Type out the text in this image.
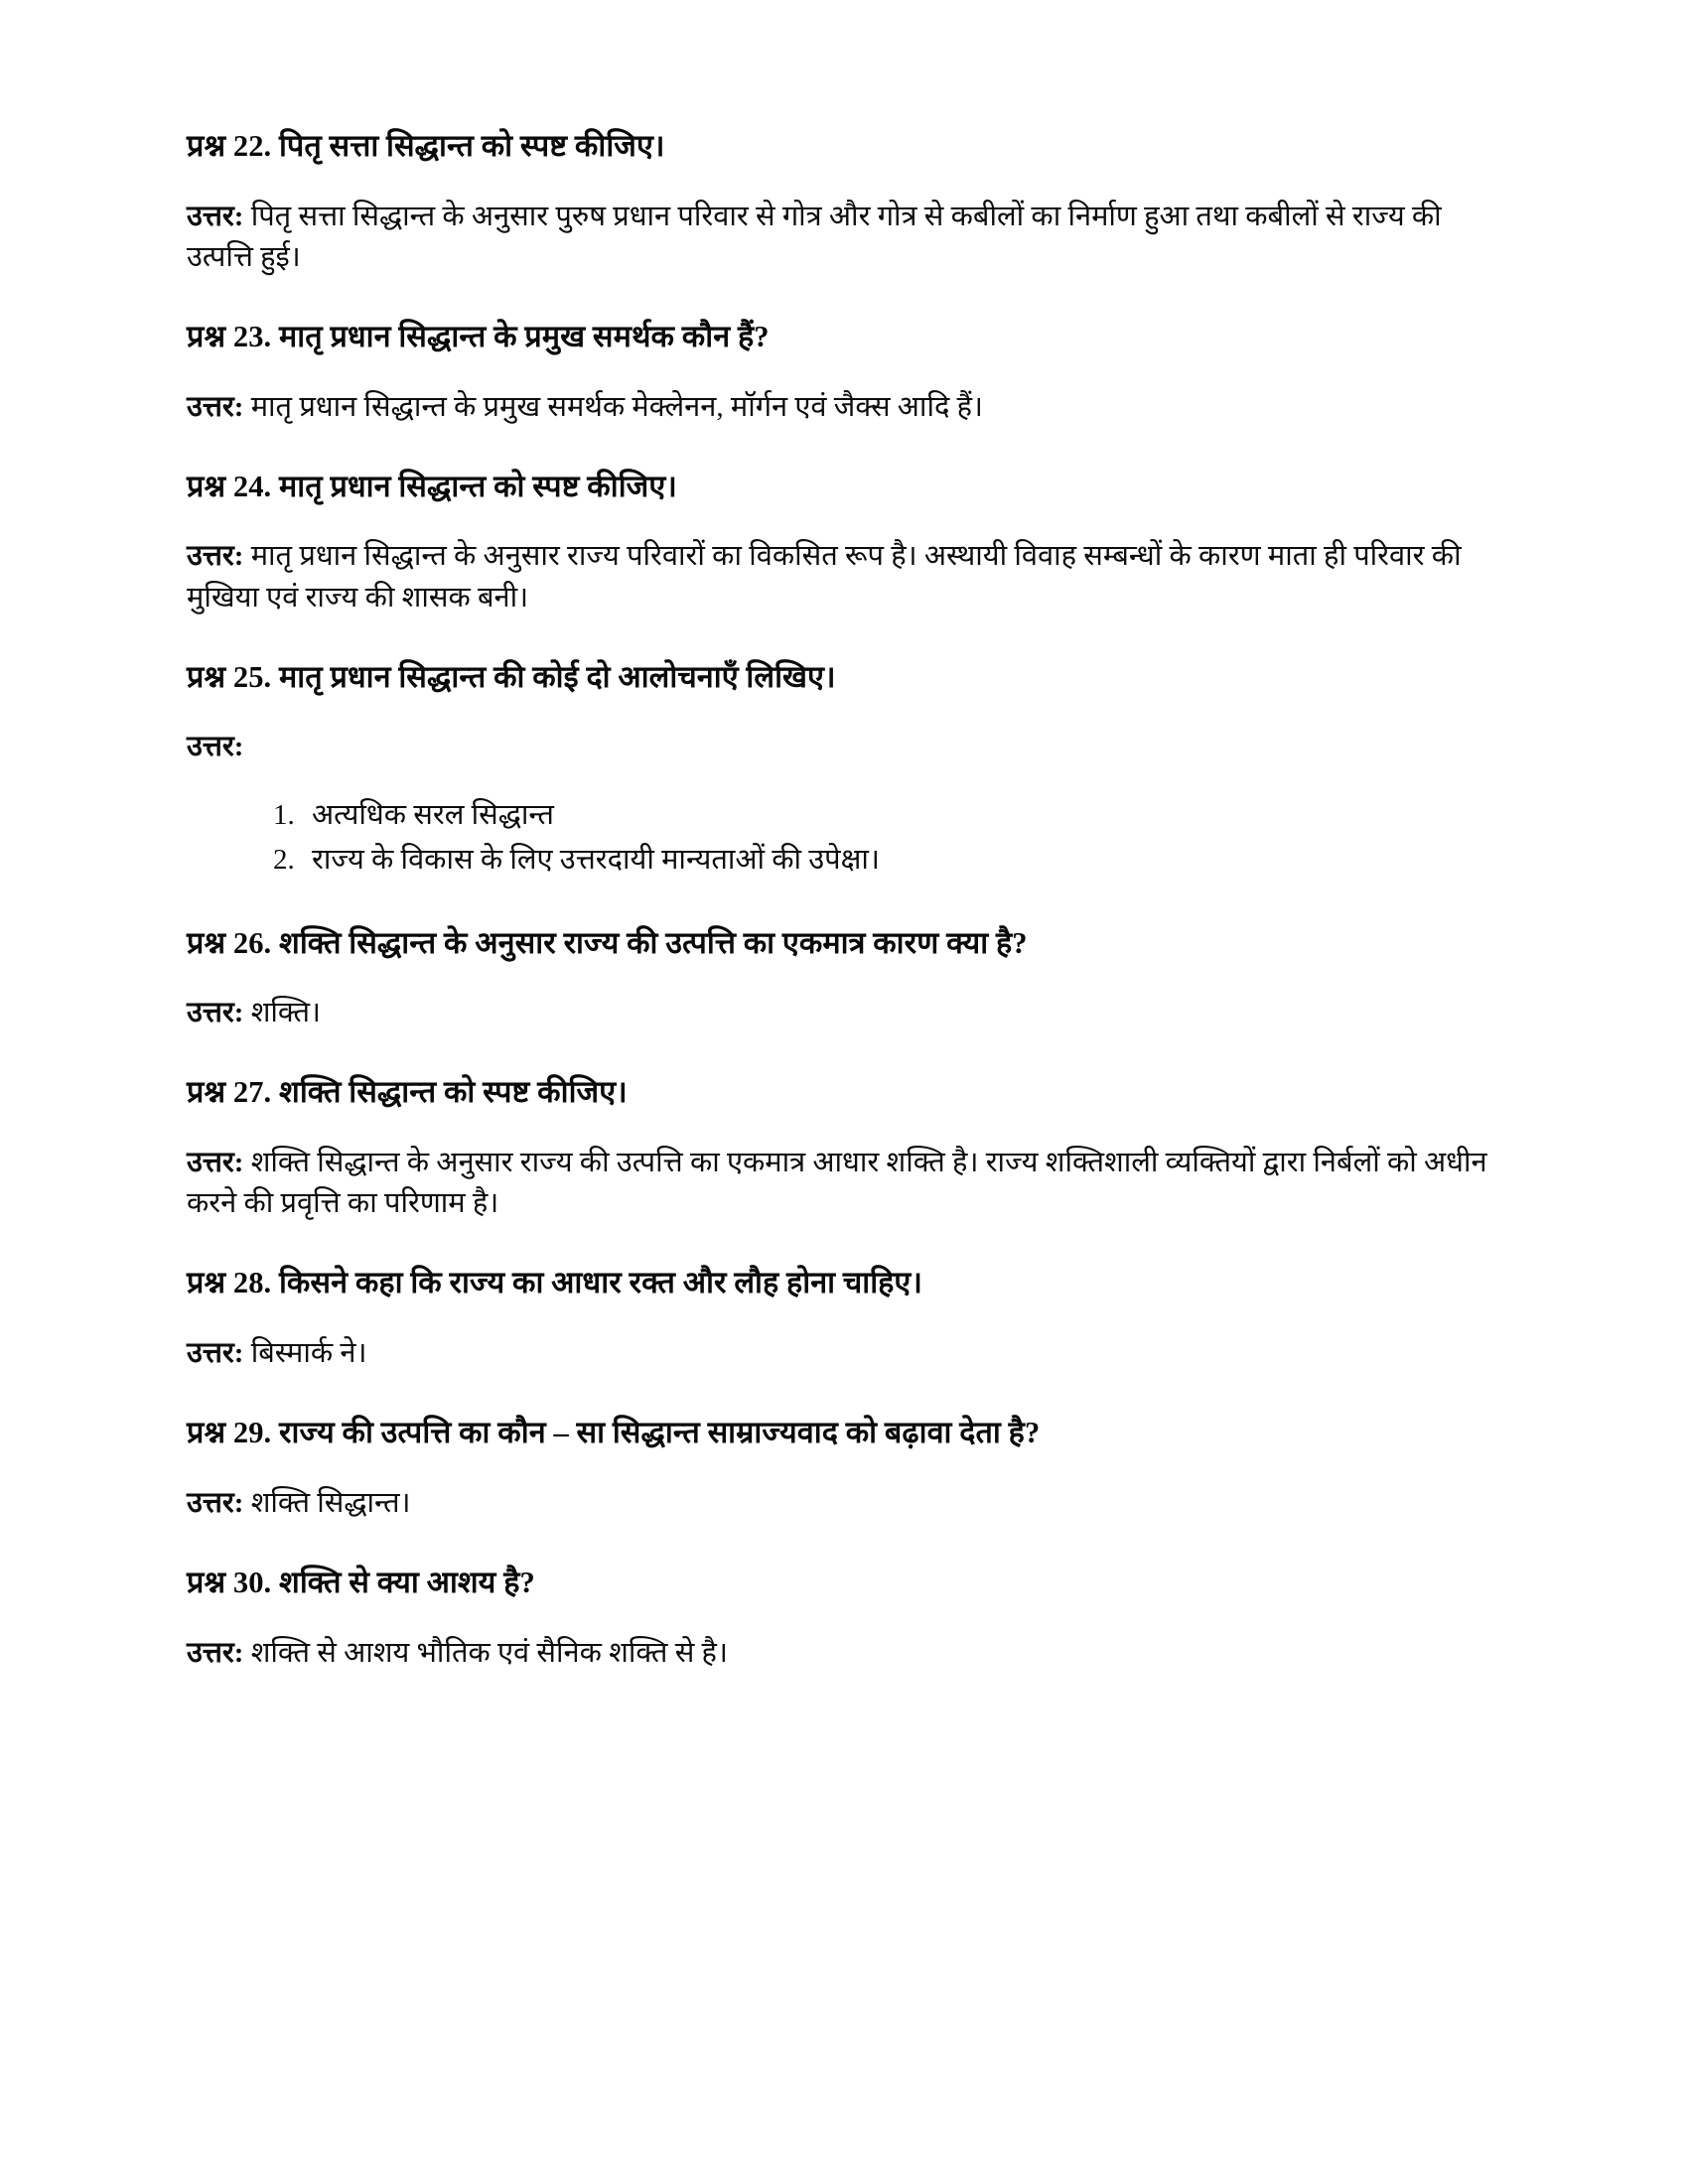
प्रश्न 22. पितृ सत्ता सिद्धान्त को स्पष्ट कीजिए।

उत्तर: पितृ सत्ता सिद्धान्त के अनुसार पुरुष प्रधान परिवार से गोत्र और गोत्र से कबीलों का निर्माण हुआ तथा कबीलों से राज्य की उत्पत्ति हुई।

प्रश्न 23. मातृ प्रधान सिद्धान्त के प्रमुख समर्थक कौन हैं?

उत्तर: मातृ प्रधान सिद्धान्त के प्रमुख समर्थक मेक्लेनन, मॉर्गन एवं जैक्स आदि हैं।

प्रश्न 24. मातृ प्रधान सिद्धान्त को स्पष्ट कीजिए।

उत्तर: मातृ प्रधान सिद्धान्त के अनुसार राज्य परिवारों का विकसित रूप है। अस्थायी विवाह सम्बन्धों के कारण माता ही परिवार की मुखिया एवं राज्य की शासक बनी।

प्रश्न 25. मातृ प्रधान सिद्धान्त की कोई दो आलोचनाएँ लिखिए।

उत्तर:

1. अत्यधिक सरल सिद्धान्त
2. राज्य के विकास के लिए उत्तरदायी मान्यताओं की उपेक्षा।

प्रश्न 26. शक्ति सिद्धान्त के अनुसार राज्य की उत्पत्ति का एकमात्र कारण क्या है?

उत्तर: शक्ति।

प्रश्न 27. शक्ति सिद्धान्त को स्पष्ट कीजिए।

उत्तर: शक्ति सिद्धान्त के अनुसार राज्य की उत्पत्ति का एकमात्र आधार शक्ति है। राज्य शक्तिशाली व्यक्तियों द्वारा निर्बलों को अधीन करने की प्रवृत्ति का परिणाम है।

प्रश्न 28. किसने कहा कि राज्य का आधार रक्त और लौह होना चाहिए।

उत्तर: बिस्मार्क ने।

प्रश्न 29. राज्य की उत्पत्ति का कौन – सा सिद्धान्त साम्राज्यवाद को बढ़ावा देता है?

उत्तर: शक्ति सिद्धान्त।

प्रश्न 30. शक्ति से क्या आशय है?

उत्तर: शक्ति से आशय भौतिक एवं सैनिक शक्ति से है।
